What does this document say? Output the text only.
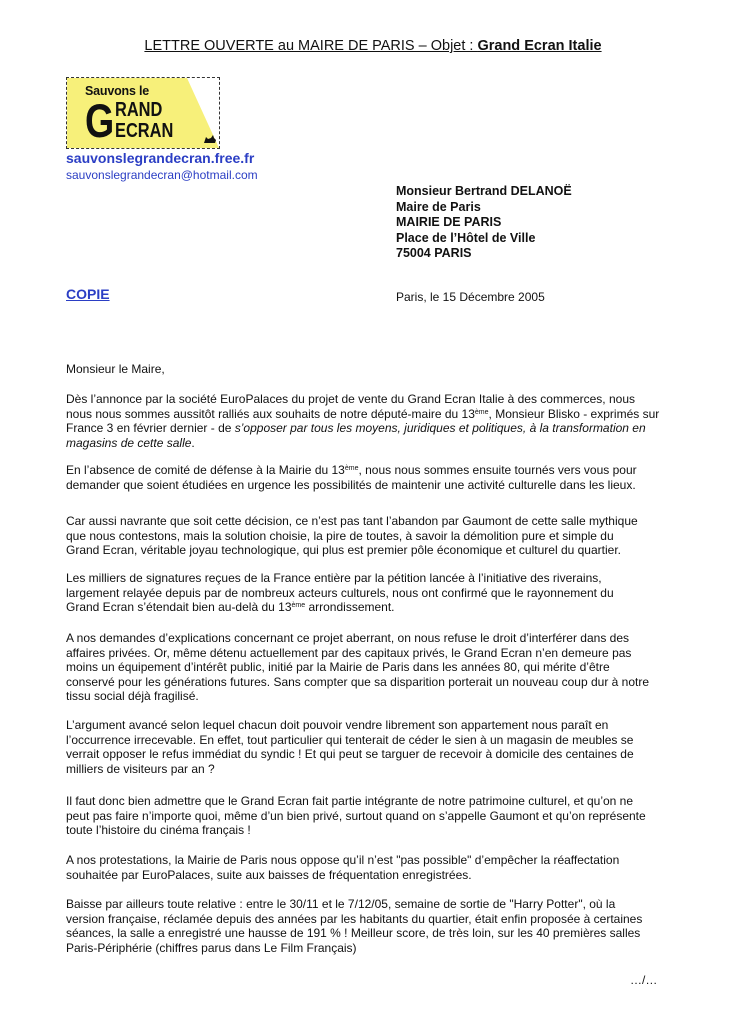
LETTRE OUVERTE au MAIRE DE PARIS – Objet : Grand Ecran Italie
Sauvons le
G RAND
ECRAN
sauvonslegrandecran.free.fr
sauvonslegrandecran@hotmail.com
Monsieur Bertrand DELANOË
Maire de Paris
MAIRIE DE PARIS
Place de l’Hôtel de Ville
75004 PARIS
COPIE	Paris, le 15 Décembre 2005
Monsieur le Maire,
Dès l’annonce par la société EuroPalaces du projet de vente du Grand Ecran Italie à des commerces, nous
nous nous sommes aussitôt ralliés aux souhaits de notre député-maire du 13ème, Monsieur Blisko - exprimés sur
France 3 en février dernier - de s’opposer par tous les moyens, juridiques et politiques, à la transformation en
magasins de cette salle.
En l’absence de comité de défense à la Mairie du 13ème, nous nous sommes ensuite tournés vers vous pour
demander que soient étudiées en urgence les possibilités de maintenir une activité culturelle dans les lieux.
Car aussi navrante que soit cette décision, ce n’est pas tant l’abandon par Gaumont de cette salle mythique
que nous contestons, mais la solution choisie, la pire de toutes, à savoir la démolition pure et simple du
Grand Ecran, véritable joyau technologique, qui plus est premier pôle économique et culturel du quartier.
Les milliers de signatures reçues de la France entière par la pétition lancée à l’initiative des riverains,
largement relayée depuis par de nombreux acteurs culturels, nous ont confirmé que le rayonnement du
Grand Ecran s’étendait bien au-delà du 13ème arrondissement.
A nos demandes d’explications concernant ce projet aberrant, on nous refuse le droit d’interférer dans des
affaires privées. Or, même détenu actuellement par des capitaux privés, le Grand Ecran n’en demeure pas
moins un équipement d’intérêt public, initié par la Mairie de Paris dans les années 80, qui mérite d’être
conservé pour les générations futures. Sans compter que sa disparition porterait un nouveau coup dur à notre
tissu social déjà fragilisé.
L’argument avancé selon lequel chacun doit pouvoir vendre librement son appartement nous paraît en
l’occurrence irrecevable. En effet, tout particulier qui tenterait de céder le sien à un magasin de meubles se
verrait opposer le refus immédiat du syndic ! Et qui peut se targuer de recevoir à domicile des centaines de
milliers de visiteurs par an ?
Il faut donc bien admettre que le Grand Ecran fait partie intégrante de notre patrimoine culturel, et qu’on ne
peut pas faire n’importe quoi, même d’un bien privé, surtout quand on s’appelle Gaumont et qu’on représente
toute l’histoire du cinéma français !
A nos protestations, la Mairie de Paris nous oppose qu’il n’est "pas possible" d’empêcher la réaffectation
souhaitée par EuroPalaces, suite aux baisses de fréquentation enregistrées.
Baisse par ailleurs toute relative : entre le 30/11 et le 7/12/05, semaine de sortie de "Harry Potter", où la
version française, réclamée depuis des années par les habitants du quartier, était enfin proposée à certaines
séances, la salle a enregistré une hausse de 191 % ! Meilleur score, de très loin, sur les 40 premières salles
Paris-Périphérie (chiffres parus dans Le Film Français)
…/…
